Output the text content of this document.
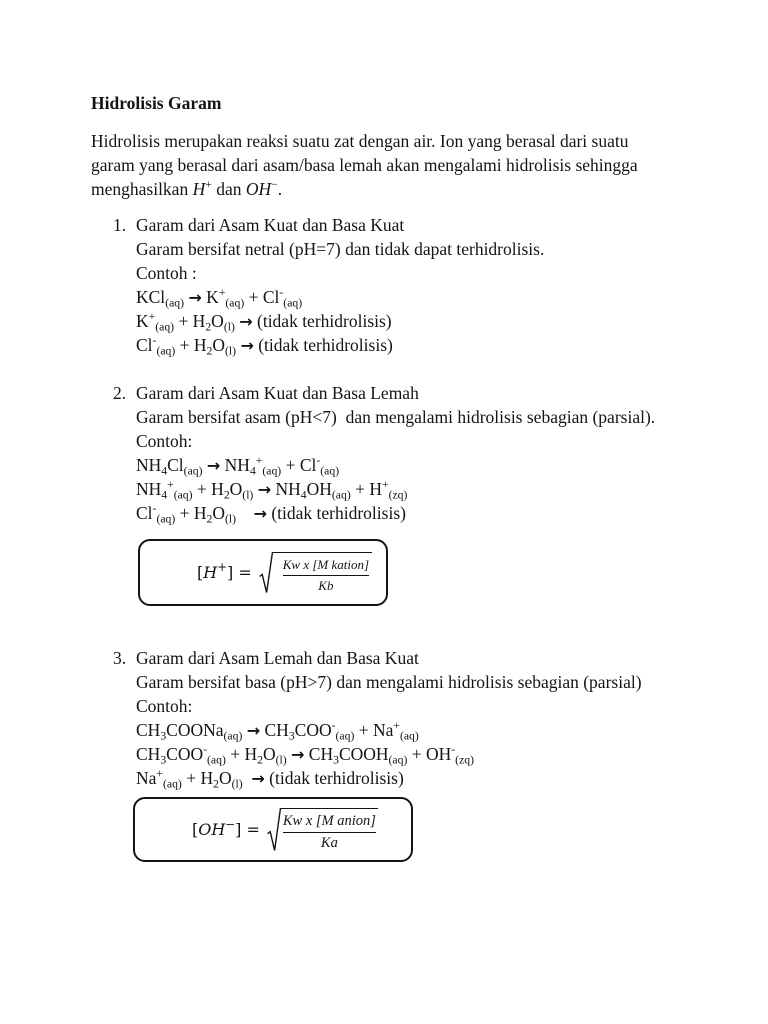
Hidrolisis Garam
Hidrolisis merupakan reaksi suatu zat dengan air. Ion yang berasal dari suatu
garam yang berasal dari asam/basa lemah akan mengalami hidrolisis sehingga
menghasilkan H+ dan OH−.
1. Garam dari Asam Kuat dan Basa Kuat
Garam bersifat netral (pH=7) dan tidak dapat terhidrolisis.
Contoh :
$KCl_{(aq)} \to K^+_{(aq)} + Cl^-_{(aq)}$
$K^+_{(aq)} + H_2O_{(l)}$ → (tidak terhidrolisis)
$Cl^-_{(aq)} + H_2O_{(l)}$ → (tidak terhidrolisis)
2. Garam dari Asam Kuat dan Basa Lemah
Garam bersifat asam (pH<7)  dan mengalami hidrolisis sebagian (parsial).
Contoh:
$NH_4Cl_{(aq)} \to NH_4^+_{(aq)} + Cl^-_{(aq)}$
$NH_4^+_{(aq)} + H_2O_{(l)} \to NH_4OH_{(aq)} + H^+_{(zq)}$
$Cl^-_{(aq)} + H_2O_{(l)}$ → (tidak terhidrolisis)
$[H^+] = \frac{\text{Kw x [M kation]}}{Kb}$
3. Garam dari Asam Lemah dan Basa Kuat
Garam bersifat basa (pH>7) dan mengalami hidrolisis sebagian (parsial)
Contoh:
$CH_3COONa_{(aq)} \to CH_3COO^-_{(aq)} + Na^+_{(aq)}$
$CH_3COO^-_{(aq)} + H_2O_{(l)}$ → $CH_3COOH_{(aq)} + OH^-_{(zq)}$
$Na^+_{(aq)} + H_2O_{(l)}$ → (tidak terhidrolisis)
$[OH^-] = \frac{\text{Kw x [M anion]}}{Ka}$
